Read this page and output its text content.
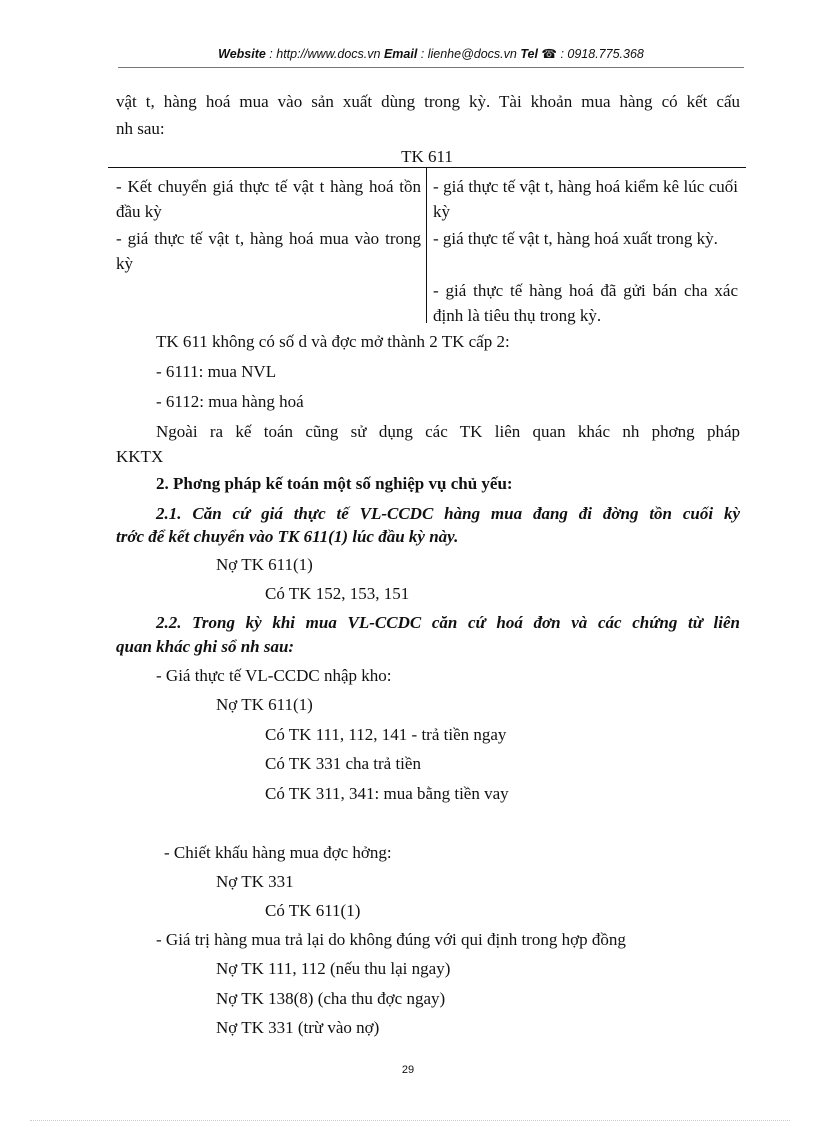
Website : http://www.docs.vn Email : lienhe@docs.vn Tel ☎ : 0918.775.368
vật t, hàng hoá mua vào sản xuất dùng trong kỳ. Tài khoản mua hàng có kết cấu
nh sau:
TK 611
- Kết chuyển giá thực tế vật t hàng hoá tồn đầu kỳ
- giá thực tế vật t, hàng hoá mua vào trong kỳ
- giá thực tế vật t, hàng hoá kiểm kê lúc cuối kỳ
- giá thực tế vật t, hàng hoá xuất trong kỳ.
- giá thực tế hàng hoá đã gửi bán cha xác định là tiêu thụ trong kỳ.
TK 611 không có số d và đợc mở thành 2 TK cấp 2:
- 6111: mua NVL
- 6112: mua hàng hoá
Ngoài ra kế toán cũng sử dụng các TK liên quan khác nh phơng pháp
KKTX
2. Phơng pháp kế toán một số nghiệp vụ chủ yếu:
2.1. Căn cứ giá thực tế VL-CCDC hàng mua đang đi đờng tồn cuối kỳ
trớc để kết chuyển vào TK 611(1) lúc đầu kỳ này.
Nợ TK 611(1)
Có TK 152, 153, 151
2.2. Trong kỳ khi mua VL-CCDC căn cứ hoá đơn và các chứng từ liên
quan khác ghi sổ nh sau:
- Giá thực tế VL-CCDC nhập kho:
Nợ TK 611(1)
Có TK 111, 112, 141 - trả tiền ngay
Có TK 331 cha trả tiền
Có TK 311, 341: mua bằng tiền vay
- Chiết khấu hàng mua đợc hởng:
Nợ TK 331
Có TK 611(1)
- Giá trị hàng mua trả lại do không đúng với qui định trong hợp đồng
Nợ TK 111, 112 (nếu thu lại ngay)
Nợ TK 138(8) (cha thu đợc ngay)
Nợ TK 331 (trừ vào nợ)
29
